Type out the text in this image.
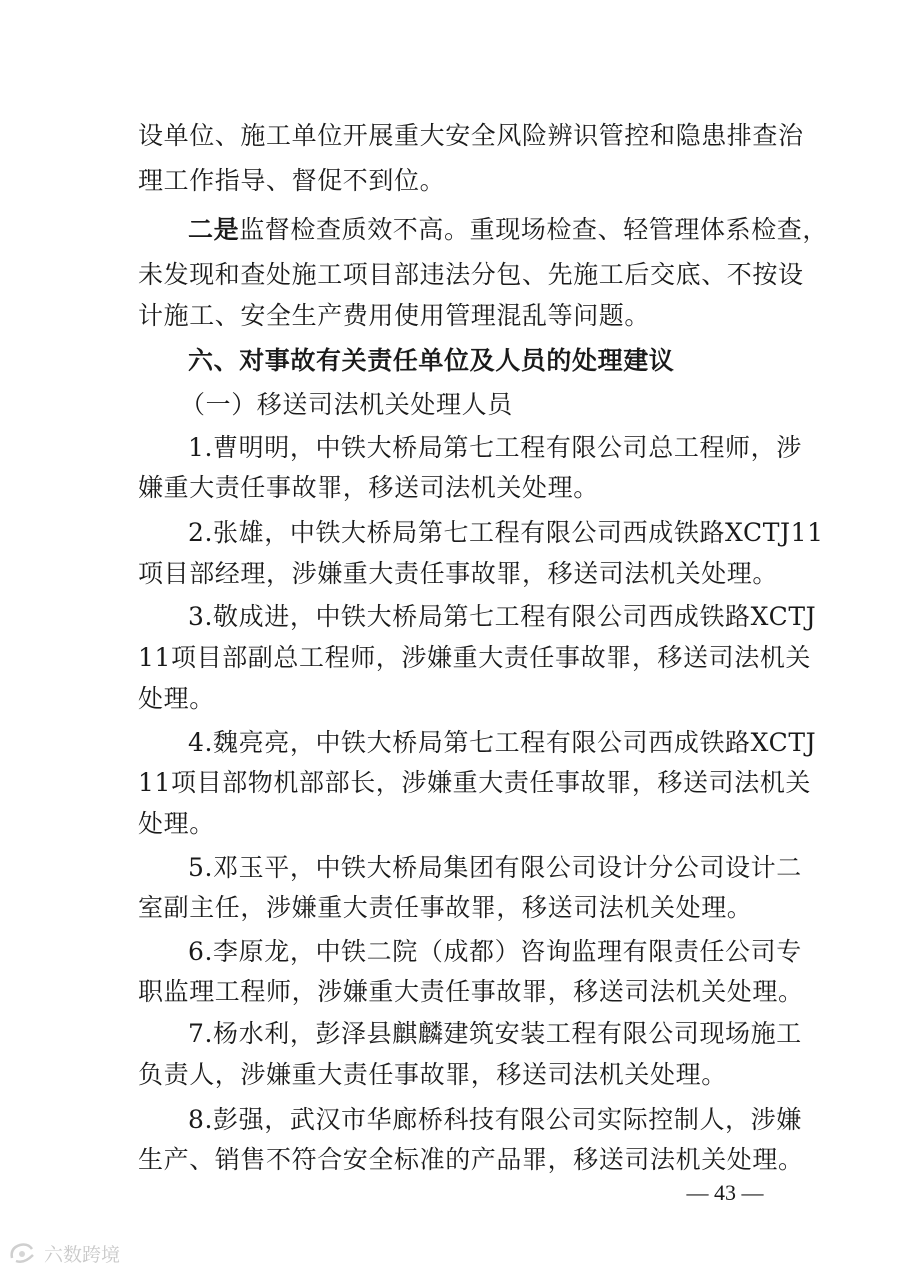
设单位、施工单位开展重大安全风险辨识管控和隐患排查治
理工作指导、督促不到位。
二是监督检查质效不高。重现场检查、轻管理体系检查，
未发现和查处施工项目部违法分包、先施工后交底、不按设
计施工、安全生产费用使用管理混乱等问题。
六、对事故有关责任单位及人员的处理建议
（一）移送司法机关处理人员
1.曹明明，中铁大桥局第七工程有限公司总工程师，涉
嫌重大责任事故罪，移送司法机关处理。
2.张雄，中铁大桥局第七工程有限公司西成铁路XCTJ11
项目部经理，涉嫌重大责任事故罪，移送司法机关处理。
3.敬成进，中铁大桥局第七工程有限公司西成铁路XCTJ
11项目部副总工程师，涉嫌重大责任事故罪，移送司法机关
处理。
4.魏亮亮，中铁大桥局第七工程有限公司西成铁路XCTJ
11项目部物机部部长，涉嫌重大责任事故罪，移送司法机关
处理。
5.邓玉平，中铁大桥局集团有限公司设计分公司设计二
室副主任，涉嫌重大责任事故罪，移送司法机关处理。
6.李原龙，中铁二院（成都）咨询监理有限责任公司专
职监理工程师，涉嫌重大责任事故罪，移送司法机关处理。
7.杨水利，彭泽县麒麟建筑安装工程有限公司现场施工
负责人，涉嫌重大责任事故罪，移送司法机关处理。
8.彭强，武汉市华廊桥科技有限公司实际控制人，涉嫌
生产、销售不符合安全标准的产品罪，移送司法机关处理。
— 43 —
六数跨境
